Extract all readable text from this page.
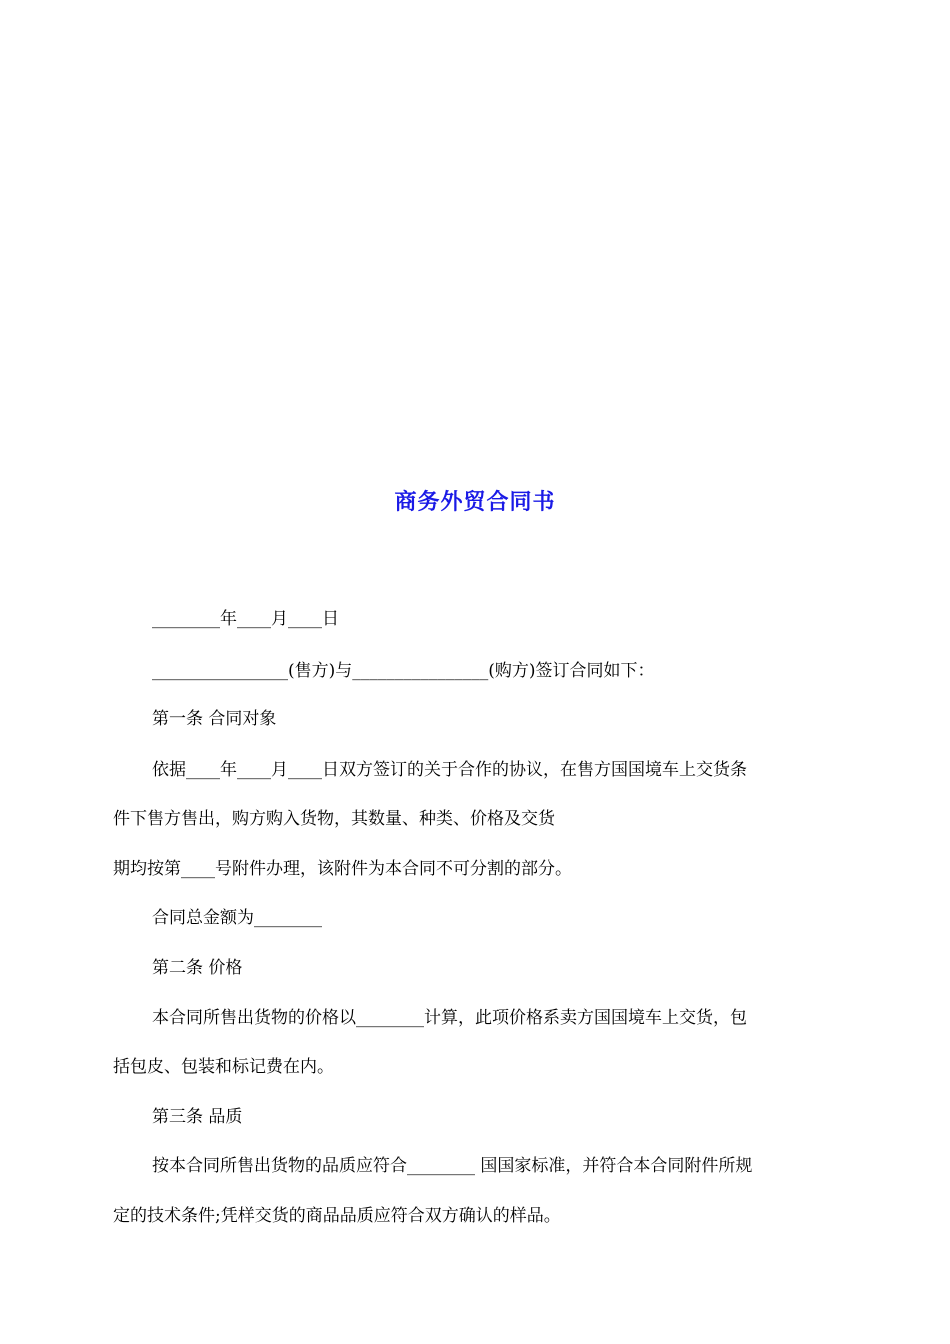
商务外贸合同书
________年____月____日
________________(售方)与________________(购方)签订合同如下：
第一条 合同对象
依据____年____月____日双方签订的关于合作的协议，在售方国国境车上交货条
件下售方售出，购方购入货物，其数量、种类、价格及交货
期均按第____号附件办理，该附件为本合同不可分割的部分。
合同总金额为________
第二条 价格
本合同所售出货物的价格以________计算，此项价格系卖方国国境车上交货，包
括包皮、包装和标记费在内。
第三条 品质
按本合同所售出货物的品质应符合________ 国国家标准，并符合本合同附件所规
定的技术条件;凭样交货的商品品质应符合双方确认的样品。
